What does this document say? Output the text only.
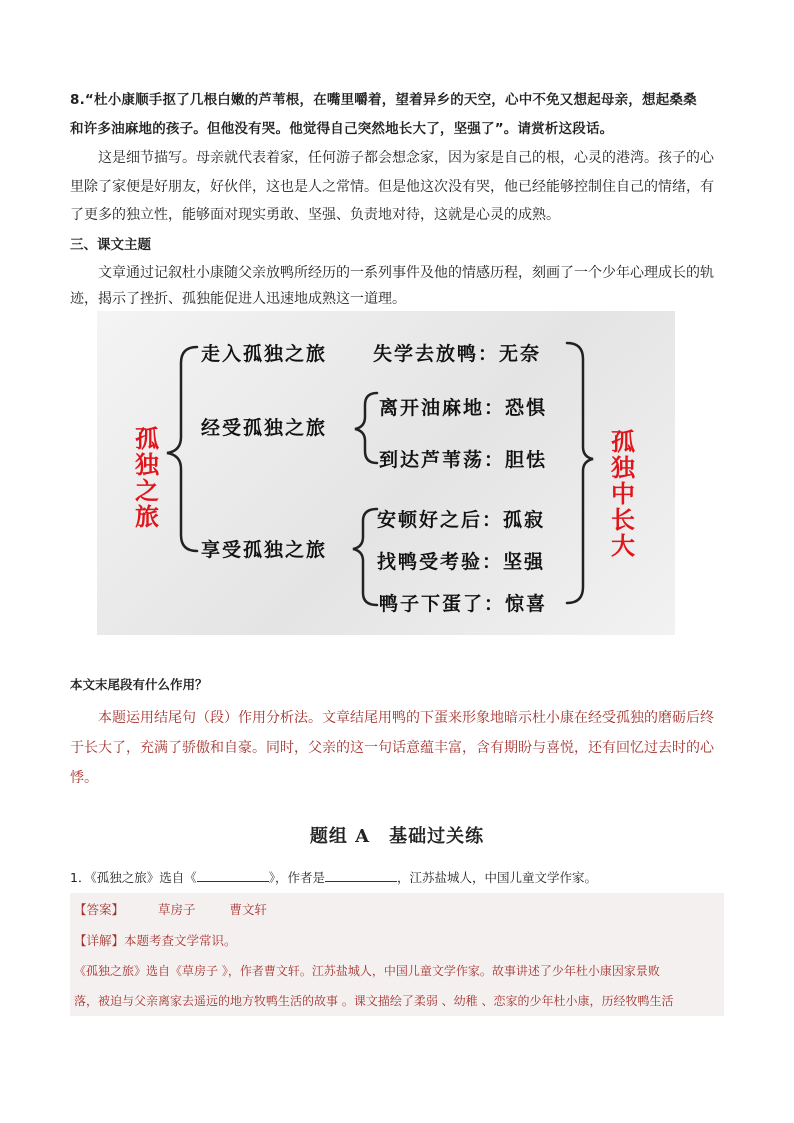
8.“杜小康顺手抠了几根白嫩的芦苇根，在嘴里嚼着，望着异乡的天空，心中不免又想起母亲，想起桑桑
和许多油麻地的孩子。但他没有哭。他觉得自己突然地长大了，坚强了”。请赏析这段话。
这是细节描写。母亲就代表着家，任何游子都会想念家，因为家是自己的根，心灵的港湾。孩子的心
里除了家便是好朋友，好伙伴，这也是人之常情。但是他这次没有哭，他已经能够控制住自己的情绪，有
了更多的独立性，能够面对现实勇敢、坚强、负责地对待，这就是心灵的成熟。
三、课文主题
文章通过记叙杜小康随父亲放鸭所经历的一系列事件及他的情感历程，刻画了一个少年心理成长的轨
迹，揭示了挫折、孤独能促进人迅速地成熟这一道理。
孤
独
之
旅
孤
独
中
长
大
走入孤独之旅
经受孤独之旅
享受孤独之旅
失学去放鸭：无奈
离开油麻地：恐惧
到达芦苇荡：胆怯
安顿好之后：孤寂
找鸭受考验：坚强
鸭子下蛋了：惊喜
本文末尾段有什么作用？
本题运用结尾句（段）作用分析法。文章结尾用鸭的下蛋来形象地暗示杜小康在经受孤独的磨砺后终
于长大了，充满了骄傲和自豪。同时，父亲的这一句话意蕴丰富，含有期盼与喜悦，还有回忆过去时的心
悸。
题组 A　基础过关练
1．《孤独之旅》选自《	》，作者是	，江苏盐城人，中国儿童文学作家。
【答案】	草房子	曹文轩
【详解】本题考查文学常识。
《孤独之旅》选自《草房子 》，作者曹文轩。江苏盐城人，中国儿童文学作家。故事讲述了少年杜小康因家景败
落，被迫与父亲离家去遥远的地方牧鸭生活的故事 。课文描绘了柔弱 、幼稚 、恋家的少年杜小康，历经牧鸭生活
